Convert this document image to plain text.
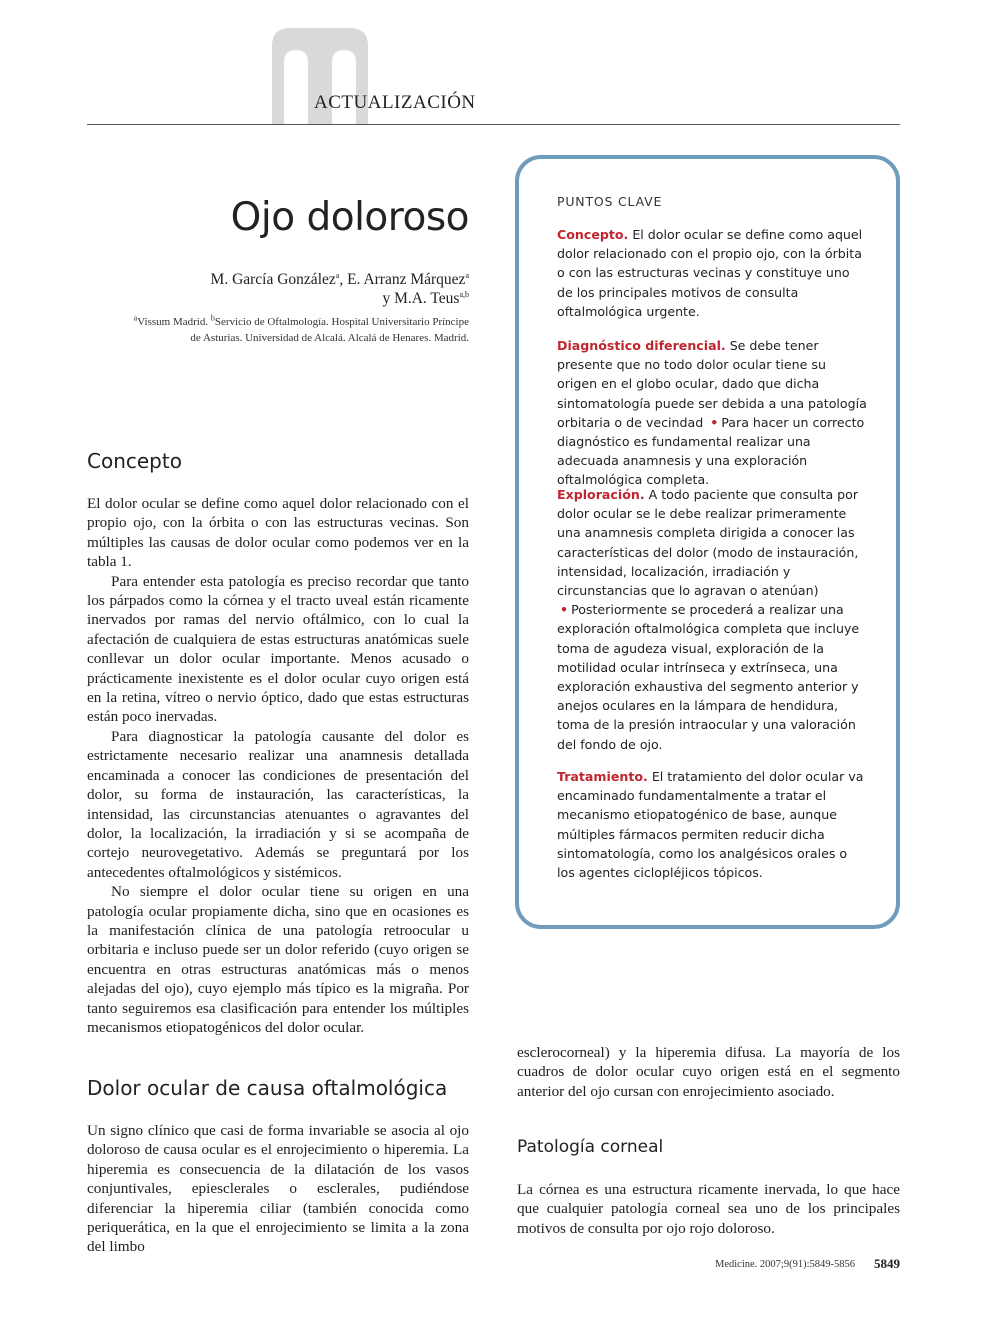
ACTUALIZACIÓN
Ojo doloroso
M. García González$^a$, E. Arranz Márquez$^a$
y M.A. Teus$^{a,b}$
$^a$Vissum Madrid. $^b$Servicio de Oftalmología. Hospital Universitario Príncipe
de Asturias. Universidad de Alcalá. Alcalá de Henares. Madrid.
Concepto

El dolor ocular se define como aquel dolor relacionado con el propio ojo, con la órbita o con las estructuras vecinas. Son múltiples las causas de dolor ocular como podemos ver en la tabla 1.

Para entender esta patología es preciso recordar que tanto los párpados como la córnea y el tracto uveal están ricamente inervados por ramas del nervio oftálmico, con lo cual la afectación de cualquiera de estas estructuras anatómicas suele conllevar un dolor ocular importante. Menos acusado o prácticamente inexistente es el dolor ocular cuyo origen está en la retina, vítreo o nervio óptico, dado que estas estructuras están poco inervadas.

Para diagnosticar la patología causante del dolor es estrictamente necesario realizar una anamnesis detallada encaminada a conocer las condiciones de presentación del dolor, su forma de instauración, las características, la intensidad, las circunstancias atenuantes o agravantes del dolor, la localización, la irradiación y si se acompaña de cortejo neurovegetativo. Además se preguntará por los antecedentes oftalmológicos y sistémicos.

No siempre el dolor ocular tiene su origen en una patología ocular propiamente dicha, sino que en ocasiones es la manifestación clínica de una patología retroocular u orbitaria e incluso puede ser un dolor referido (cuyo origen se encuentra en otras estructuras anatómicas más o menos alejadas del ojo), cuyo ejemplo más típico es la migraña. Por tanto seguiremos esa clasificación para entender los múltiples mecanismos etiopatogénicos del dolor ocular.

Dolor ocular de causa oftalmológica

Un signo clínico que casi de forma invariable se asocia al ojo doloroso de causa ocular es el enrojecimiento o hiperemia. La hiperemia es consecuencia de la dilatación de los vasos conjuntivales, epiesclerales o esclerales, pudiéndose diferenciar la hiperemia ciliar (también conocida como periquerática, en la que el enrojecimiento se limita a la zona del limbo

esclerocorneal) y la hiperemia difusa. La mayoría de los cuadros de dolor ocular cuyo origen está en el segmento anterior del ojo cursan con enrojecimiento asociado.

Patología corneal

La córnea es una estructura ricamente inervada, lo que hace que cualquier patología corneal sea uno de los principales motivos de consulta por ojo rojo doloroso.

PUNTOS CLAVE
Concepto. El dolor ocular se define como aquel dolor relacionado con el propio ojo, con la órbita o con las estructuras vecinas y constituye uno de los principales motivos de consulta oftalmológica urgente.
Diagnóstico diferencial. Se debe tener presente que no todo dolor ocular tiene su origen en el globo ocular, dado que dicha sintomatología puede ser debida a una patología orbitaria o de vecindad • Para hacer un correcto diagnóstico es fundamental realizar una adecuada anamnesis y una exploración oftalmológica completa.
Exploración. A todo paciente que consulta por dolor ocular se le debe realizar primeramente una anamnesis completa dirigida a conocer las características del dolor (modo de instauración, intensidad, localización, irradiación y circunstancias que lo agravan o atenúan) • Posteriormente se procederá a realizar una exploración oftalmológica completa que incluye toma de agudeza visual, exploración de la motilidad ocular intrínseca y extrínseca, una exploración exhaustiva del segmento anterior y anejos oculares en la lámpara de hendidura, toma de la presión intraocular y una valoración del fondo de ojo.
Tratamiento. El tratamiento del dolor ocular va encaminado fundamentalmente a tratar el mecanismo etiopatogénico de base, aunque múltiples fármacos permiten reducir dicha sintomatología, como los analgésicos orales o los agentes ciclopléjicos tópicos.
Medicine. 2007;9(91):5849-5856	5849
